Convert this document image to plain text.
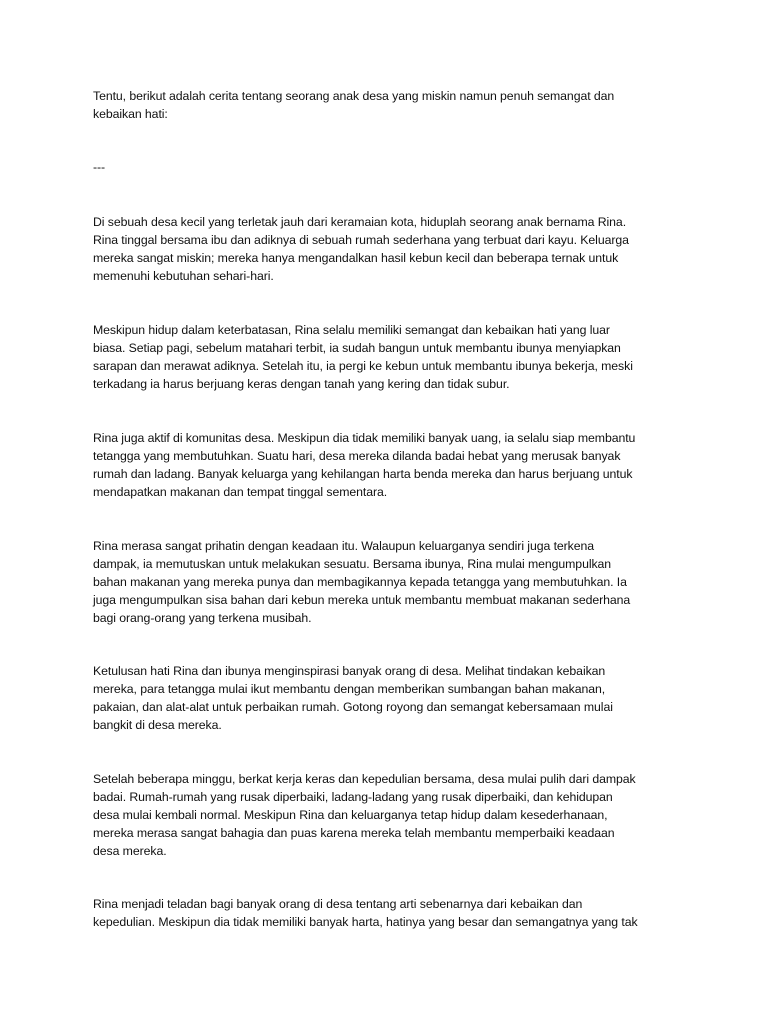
Tentu, berikut adalah cerita tentang seorang anak desa yang miskin namun penuh semangat dan

kebaikan hati:

---

Di sebuah desa kecil yang terletak jauh dari keramaian kota, hiduplah seorang anak bernama Rina.

Rina tinggal bersama ibu dan adiknya di sebuah rumah sederhana yang terbuat dari kayu. Keluarga

mereka sangat miskin; mereka hanya mengandalkan hasil kebun kecil dan beberapa ternak untuk

memenuhi kebutuhan sehari-hari.

Meskipun hidup dalam keterbatasan, Rina selalu memiliki semangat dan kebaikan hati yang luar

biasa. Setiap pagi, sebelum matahari terbit, ia sudah bangun untuk membantu ibunya menyiapkan

sarapan dan merawat adiknya. Setelah itu, ia pergi ke kebun untuk membantu ibunya bekerja, meski

terkadang ia harus berjuang keras dengan tanah yang kering dan tidak subur.

Rina juga aktif di komunitas desa. Meskipun dia tidak memiliki banyak uang, ia selalu siap membantu

tetangga yang membutuhkan. Suatu hari, desa mereka dilanda badai hebat yang merusak banyak

rumah dan ladang. Banyak keluarga yang kehilangan harta benda mereka dan harus berjuang untuk

mendapatkan makanan dan tempat tinggal sementara.

Rina merasa sangat prihatin dengan keadaan itu. Walaupun keluarganya sendiri juga terkena

dampak, ia memutuskan untuk melakukan sesuatu. Bersama ibunya, Rina mulai mengumpulkan

bahan makanan yang mereka punya dan membagikannya kepada tetangga yang membutuhkan. Ia

juga mengumpulkan sisa bahan dari kebun mereka untuk membantu membuat makanan sederhana

bagi orang-orang yang terkena musibah.

Ketulusan hati Rina dan ibunya menginspirasi banyak orang di desa. Melihat tindakan kebaikan

mereka, para tetangga mulai ikut membantu dengan memberikan sumbangan bahan makanan,

pakaian, dan alat-alat untuk perbaikan rumah. Gotong royong dan semangat kebersamaan mulai

bangkit di desa mereka.

Setelah beberapa minggu, berkat kerja keras dan kepedulian bersama, desa mulai pulih dari dampak

badai. Rumah-rumah yang rusak diperbaiki, ladang-ladang yang rusak diperbaiki, dan kehidupan

desa mulai kembali normal. Meskipun Rina dan keluarganya tetap hidup dalam kesederhanaan,

mereka merasa sangat bahagia dan puas karena mereka telah membantu memperbaiki keadaan

desa mereka.

Rina menjadi teladan bagi banyak orang di desa tentang arti sebenarnya dari kebaikan dan

kepedulian. Meskipun dia tidak memiliki banyak harta, hatinya yang besar dan semangatnya yang tak
